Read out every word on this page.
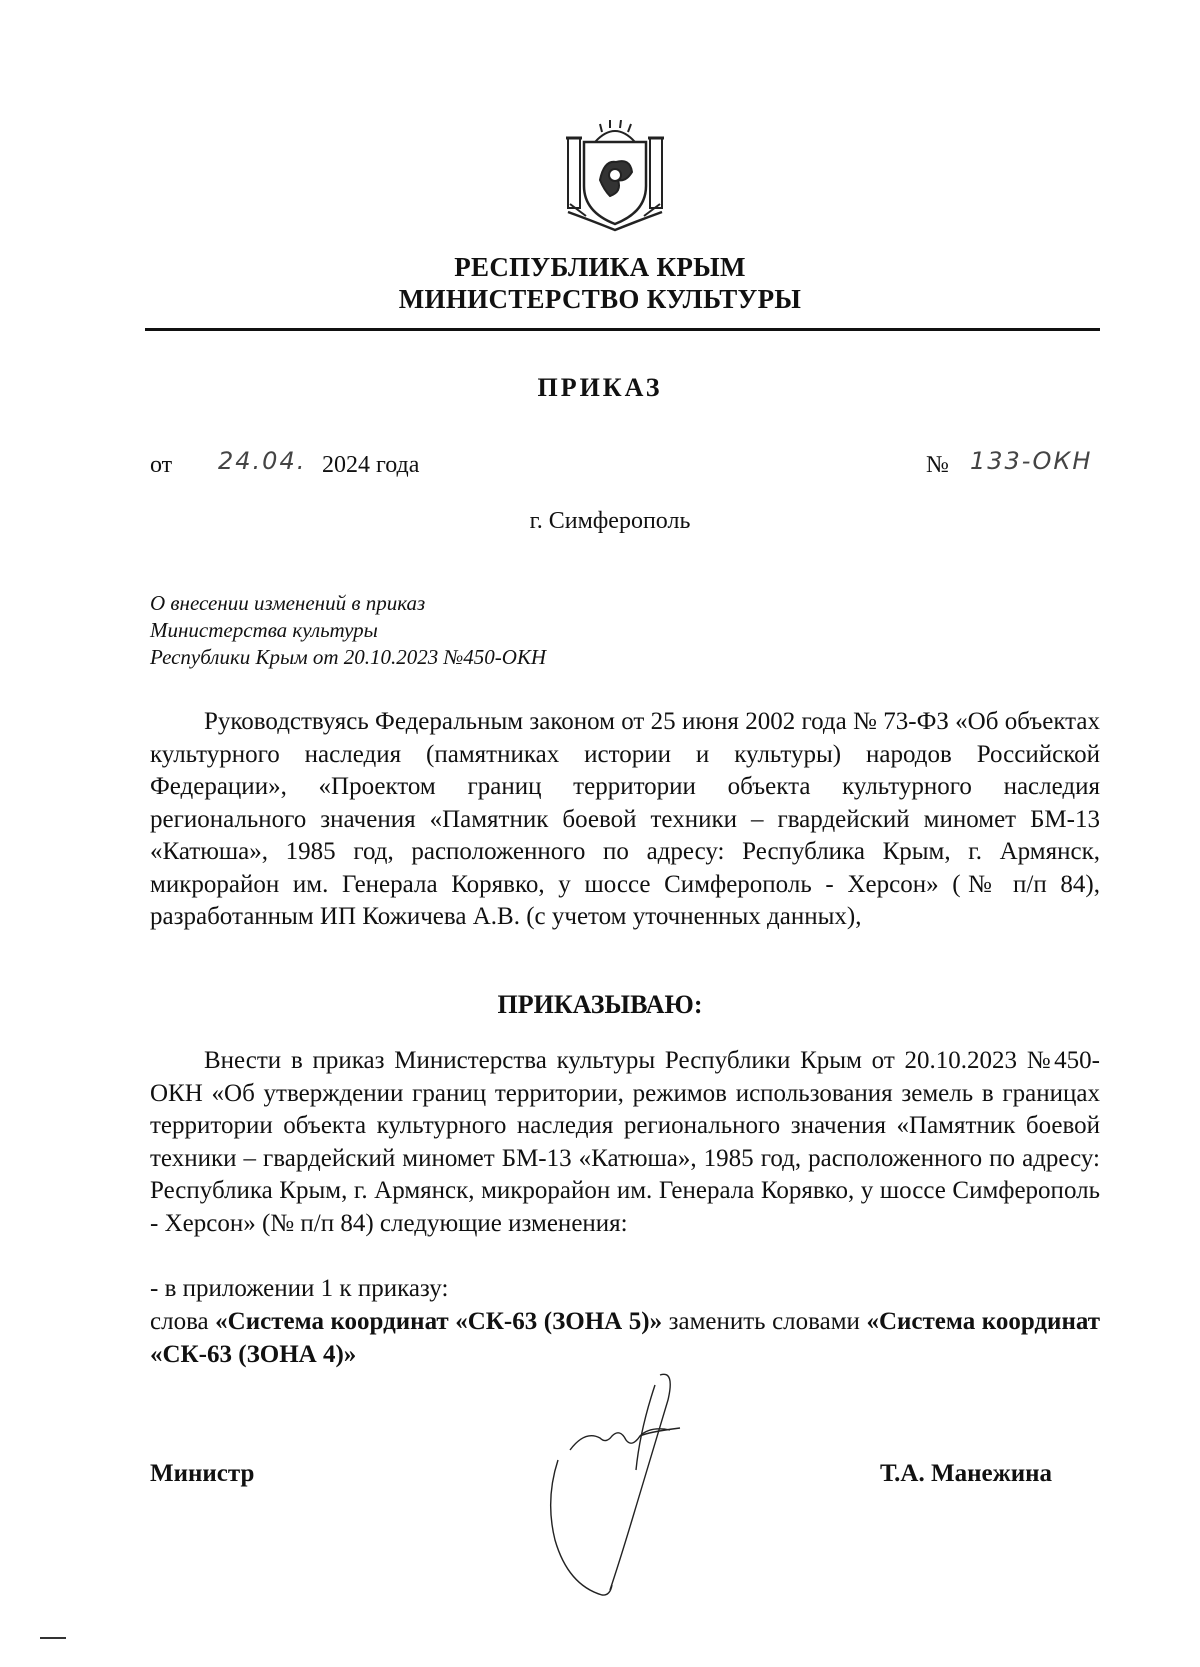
РЕСПУБЛИКА КРЫМ
МИНИСТЕРСТВО КУЛЬТУРЫ
ПРИКАЗ
от 24.04. 2024 года	№ 133-ОКН
г. Симферополь
О внесении изменений в приказ
Министерства культуры
Республики Крым от 20.10.2023 №450-ОКН
Руководствуясь Федеральным законом от 25 июня 2002 года № 73-ФЗ «Об объектах культурного наследия (памятниках истории и культуры) народов Российской Федерации», «Проектом границ территории объекта культурного наследия регионального значения «Памятник боевой техники – гвардейский миномет БМ-13 «Катюша», 1985 год, расположенного по адресу: Республика Крым, г. Армянск, микрорайон им. Генерала Корявко, у шоссе Симферополь - Херсон» (№ п/п 84), разработанным ИП Кожичева А.В. (с учетом уточненных данных),
ПРИКАЗЫВАЮ:
Внести в приказ Министерства культуры Республики Крым от 20.10.2023 №450-ОКН «Об утверждении границ территории, режимов использования земель в границах территории объекта культурного наследия регионального значения «Памятник боевой техники – гвардейский миномет БМ-13 «Катюша», 1985 год, расположенного по адресу: Республика Крым, г. Армянск, микрорайон им. Генерала Корявко, у шоссе Симферополь - Херсон» (№ п/п 84) следующие изменения:
- в приложении 1 к приказу:
слова «Система координат «СК-63 (ЗОНА 5)» заменить словами «Система координат «СК-63 (ЗОНА 4)»
Министр	Т.А. Манежина
